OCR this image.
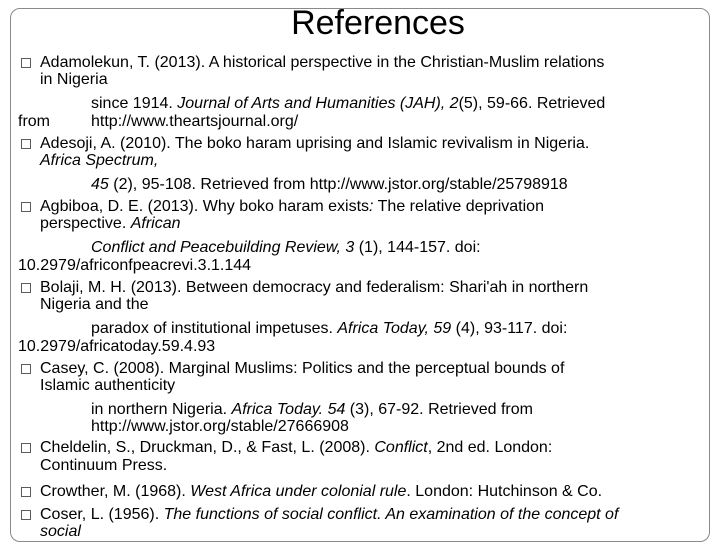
References
Adamolekun, T. (2013). A historical perspective in the Christian-Muslim relations
in Nigeria
since 1914. Journal of Arts and Humanities (JAH), 2(5), 59-66. Retrieved
from	http://www.theartsjournal.org/
Adesoji, A. (2010). The boko haram uprising and Islamic revivalism in Nigeria.
Africa Spectrum,
45 (2), 95-108. Retrieved from http://www.jstor.org/stable/25798918
Agbiboa, D. E. (2013). Why boko haram exists: The relative deprivation
perspective. African
Conflict and Peacebuilding Review, 3 (1), 144-157. doi:
10.2979/africonfpeacrevi.3.1.144
Bolaji, M. H. (2013). Between democracy and federalism: Shari'ah in northern
Nigeria and the
paradox of institutional impetuses. Africa Today, 59 (4), 93-117. doi:
10.2979/africatoday.59.4.93
Casey, C. (2008). Marginal Muslims: Politics and the perceptual bounds of
Islamic authenticity
in northern Nigeria. Africa Today. 54 (3), 67-92. Retrieved from
http://www.jstor.org/stable/27666908
Cheldelin, S., Druckman, D., & Fast, L. (2008). Conflict, 2nd ed. London:
Continuum Press.
Crowther, M. (1968). West Africa under colonial rule. London: Hutchinson & Co.
Coser, L. (1956). The functions of social conflict. An examination of the concept of
social
